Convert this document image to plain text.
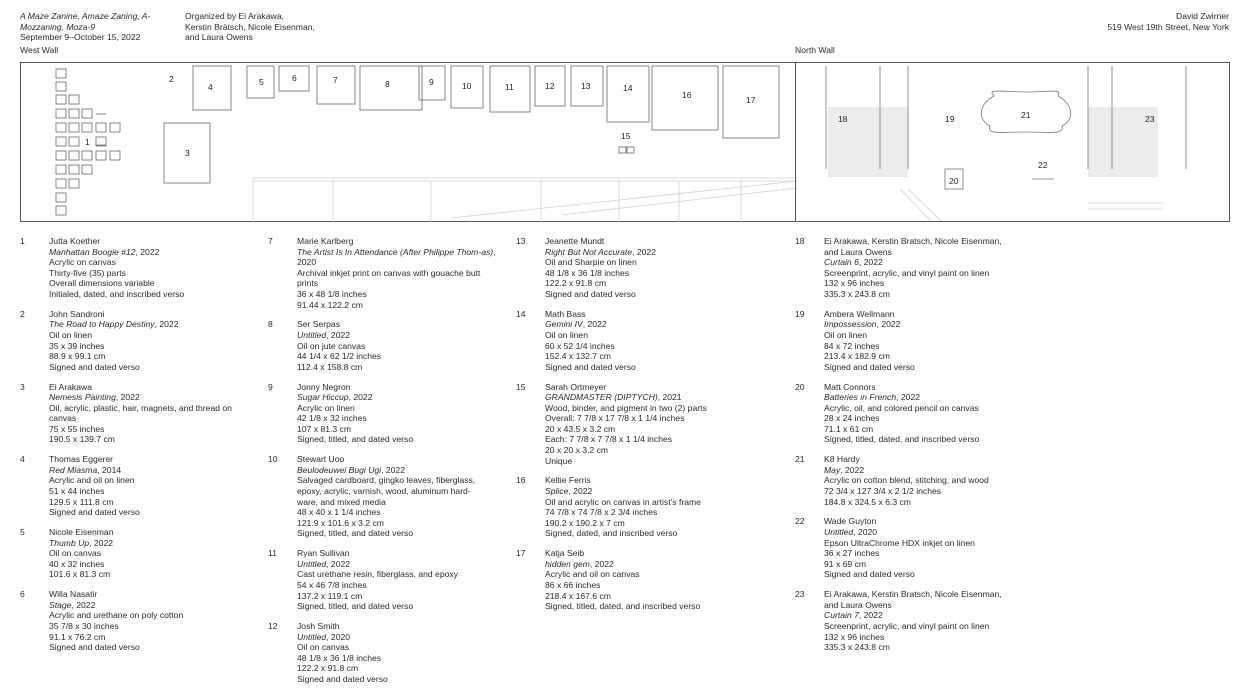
A Maze Zanine, Amaze Zaning, A-
Mozzaning, Moza-9
September 9–October 15, 2022
Organized by Ei Arakawa,
Kerstin Brätsch, Nicole Eisenman,
and Laura Owens
David Zwirner
519 West 19th Street, New York
West Wall	North Wall
1
2
3
4	5	6	7	8	9	10	11	12	13	14
15
16	17
18	19
20
21
22
23
1	Jutta Koether
Manhattan Boogie #12, 2022
Acrylic on canvas
Thirty-five (35) parts
Overall dimensions variable
Initialed, dated, and inscribed verso
2	John Sandroni
The Road to Happy Destiny, 2022
Oil on linen
35 x 39 inches
88.9 x 99.1 cm
Signed and dated verso
3	Ei Arakawa
Nemesis Painting, 2022
Oil, acrylic, plastic, hair, magnets, and thread on
canvas
75 x 55 inches
190.5 x 139.7 cm
4	Thomas Eggerer
Red Miasma, 2014
Acrylic and oil on linen
51 x 44 inches
129.5 x 111.8 cm
Signed and dated verso
5	Nicole Eisenman
Thumb Up, 2022
Oil on canvas
40 x 32 inches
101.6 x 81.3 cm
6	Willa Nasatir
Stage, 2022
Acrylic and urethane on poly cotton
35 7/8 x 30 inches
91.1 x 76.2 cm
Signed and dated verso
7	Marie Karlberg
The Artist Is In Attendance (After Philippe Thom-as), 2020
Archival inkjet print on canvas with gouache butt
prints
36 x 48 1/8 inches
91.44 x 122.2 cm
8	Ser Serpas
Untitled, 2022
Oil on jute canvas
44 1/4 x 62 1/2 inches
112.4 x 158.8 cm
9	Jonny Negron
Sugar Hiccup, 2022
Acrylic on linen
42 1/8 x 32 inches
107 x 81.3 cm
Signed, titled, and dated verso
10 Stewart Uoo
Beulodeuwei Bugi Ugi, 2022
Salvaged cardboard, gingko leaves, fiberglass,
epoxy, acrylic, varnish, wood, aluminum hard-
ware, and mixed media
48 x 40 x 1 1/4 inches
121.9 x 101.6 x 3.2 cm
Signed, titled, and dated verso
11 Ryan Sullivan
Untitled, 2022
Cast urethane resin, fiberglass, and epoxy
54 x 46 7/8 inches
137.2 x 119.1 cm
Signed, titled, and dated verso
12 Josh Smith
Untitled, 2020
Oil on canvas
48 1/8 x 36 1/8 inches
122.2 x 91.8 cm
Signed and dated verso
13 Jeanette Mundt
Right But Not Accurate, 2022
Oil and Sharpie on linen
48 1/8 x 36 1/8 inches
122.2 x 91.8 cm
Signed and dated verso
14 Math Bass
Gemini IV, 2022
Oil on linen
60 x 52 1/4 inches
152.4 x 132.7 cm
Signed and dated verso
15 Sarah Ortmeyer
GRANDMASTER (DIPTYCH), 2021
Wood, binder, and pigment in two (2) parts
Overall: 7 7/8 x 17 7/8 x 1 1/4 inches
20 x 43.5 x 3.2 cm
Each: 7 7/8 x 7 7/8 x 1 1/4 inches
20 x 20 x 3.2 cm
Unique
16 Keltie Ferris
Splice, 2022
Oil and acrylic on canvas in artist's frame
74 7/8 x 74 7/8 x 2 3/4 inches
190.2 x 190.2 x 7 cm
Signed, dated, and inscribed verso
17 Katja Seib
hidden gem, 2022
Acrylic and oil on canvas
86 x 66 inches
218.4 x 167.6 cm
Signed, titled, dated, and inscribed verso
18 Ei Arakawa, Kerstin Bratsch, Nicole Eisenman,
and Laura Owens
Curtain 6, 2022
Screenprint, acrylic, and vinyl paint on linen
132 x 96 inches
335.3 x 243.8 cm
19 Ambera Wellmann
Impossession, 2022
Oil on linen
84 x 72 inches
213.4 x 182.9 cm
Signed and dated verso
20 Matt Connors
Batteries in French, 2022
Acrylic, oil, and colored pencil on canvas
28 x 24 inches
71.1 x 61 cm
Signed, titled, dated, and inscribed verso
21 K8 Hardy
May, 2022
Acrylic on cotton blend, stitching, and wood
72 3/4 x 127 3/4 x 2 1/2 inches
184.8 x 324.5 x 6.3 cm
22 Wade Guyton
Untitled, 2020
Epson UltraChrome HDX inkjet on linen
36 x 27 inches
91 x 69 cm
Signed and dated verso
23 Ei Arakawa, Kerstin Bratsch, Nicole Eisenman,
and Laura Owens
Curtain 7, 2022
Screenprint, acrylic, and vinyl paint on linen
132 x 96 inches
335.3 x 243.8 cm
